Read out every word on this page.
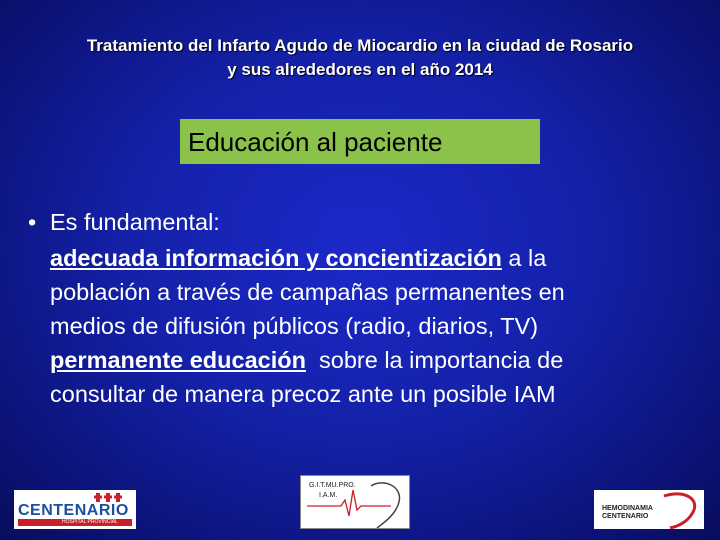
Tratamiento del Infarto Agudo de Miocardio en la ciudad de Rosario
y sus alrededores en el año 2014
Educación al paciente
• Es fundamental:
adecuada información y concientización a la
población a través de campañas permanentes en
medios de difusión públicos (radio, diarios, TV)
permanente educación  sobre la importancia de
consultar de manera precoz ante un posible IAM
CENTENARIO
HOSPITAL PROVINCIAL
G.I.T.MU.PRO.
I.A.M.
HEMODINAMIA
CENTENARIO
